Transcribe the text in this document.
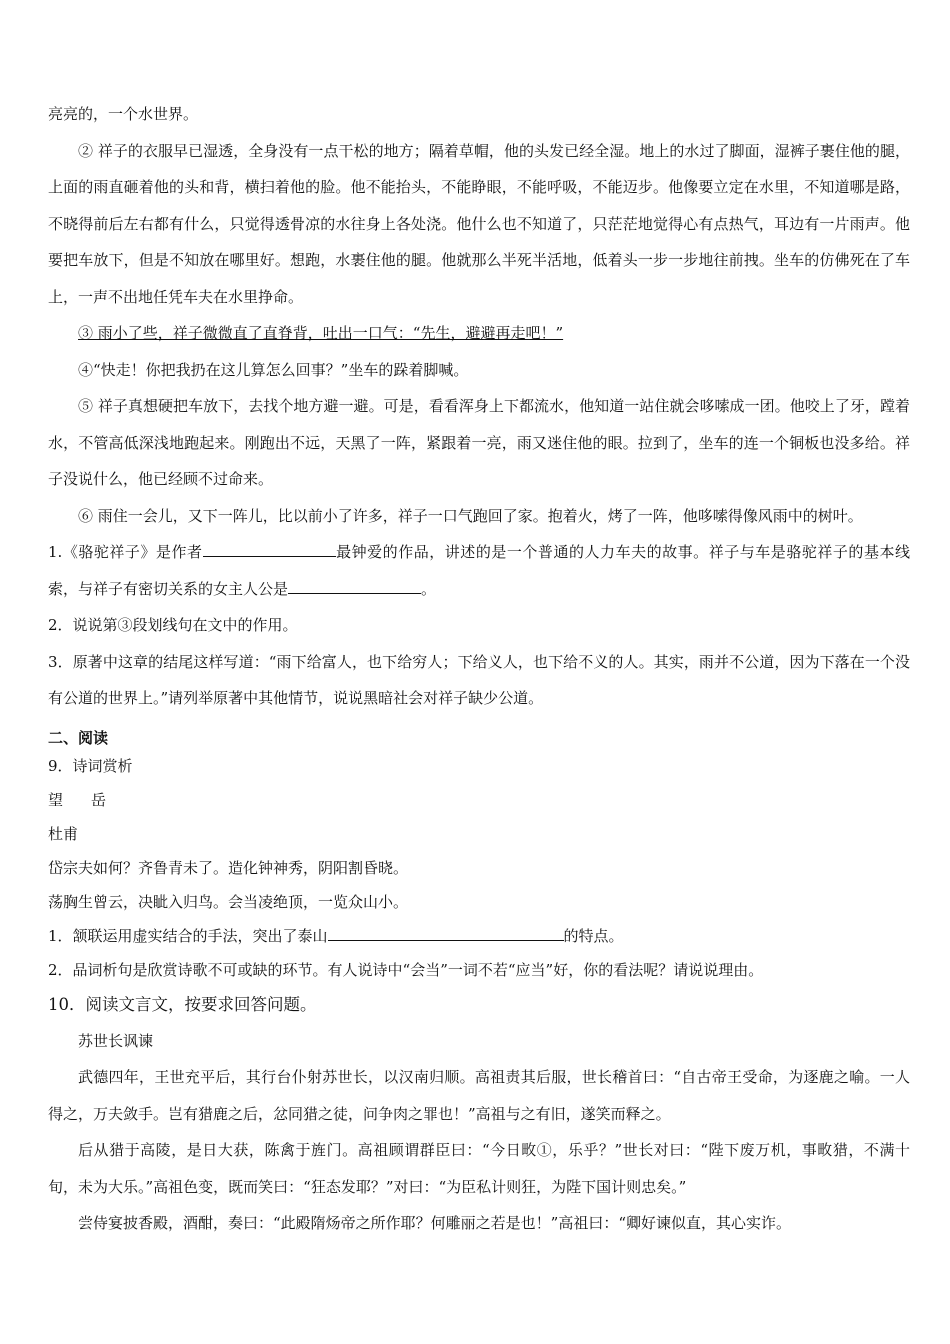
亮亮的，一个水世界。

② 祥子的衣服早已湿透，全身没有一点干松的地方；隔着草帽，他的头发已经全湿。地上的水过了脚面，湿裤子裹住他的腿，上面的雨直砸着他的头和背，横扫着他的脸。他不能抬头，不能睁眼，不能呼吸，不能迈步。他像要立定在水里，不知道哪是路，不晓得前后左右都有什么，只觉得透骨凉的水往身上各处浇。他什么也不知道了，只茫茫地觉得心有点热气，耳边有一片雨声。他要把车放下，但是不知放在哪里好。想跑，水裹住他的腿。他就那么半死半活地，低着头一步一步地往前拽。坐车的仿佛死在了车上，一声不出地任凭车夫在水里挣命。

③ 雨小了些，祥子微微直了直脊背，吐出一口气：“先生，避避再走吧！”

④“快走！你把我扔在这儿算怎么回事？”坐车的跺着脚喊。

⑤ 祥子真想硬把车放下，去找个地方避一避。可是，看看浑身上下都流水，他知道一站住就会哆嗦成一团。他咬上了牙，蹚着水，不管高低深浅地跑起来。刚跑出不远，天黑了一阵，紧跟着一亮，雨又迷住他的眼。拉到了，坐车的连一个铜板也没多给。祥子没说什么，他已经顾不过命来。

⑥ 雨住一会儿，又下一阵儿，比以前小了许多，祥子一口气跑回了家。抱着火，烤了一阵，他哆嗦得像风雨中的树叶。

1.《骆驼祥子》是作者	最钟爱的作品，讲述的是一个普通的人力车夫的故事。祥子与车是骆驼祥子的基本线索，与祥子有密切关系的女主人公是	。

2．说说第③段划线句在文中的作用。

3．原著中这章的结尾这样写道：“雨下给富人，也下给穷人；下给义人，也下给不义的人。其实，雨并不公道，因为下落在一个没有公道的世界上。”请列举原著中其他情节，说说黑暗社会对祥子缺少公道。

二、阅读

9．诗词赏析

望 岳

杜甫

岱宗夫如何？齐鲁青未了。造化钟神秀，阴阳割昏晓。

荡胸生曾云，决眦入归鸟。会当凌绝顶，一览众山小。

1．颔联运用虚实结合的手法，突出了泰山	的特点。

2．品词析句是欣赏诗歌不可或缺的环节。有人说诗中“会当”一词不若“应当”好，你的看法呢？请说说理由。

10．阅读文言文，按要求回答问题。

苏世长讽谏

武德四年，王世充平后，其行台仆射苏世长，以汉南归顺。高祖责其后服，世长稽首曰：“自古帝王受命，为逐鹿之喻。一人得之，万夫敛手。岂有猎鹿之后，忿同猎之徒，问争肉之罪也！”高祖与之有旧，遂笑而释之。

后从猎于高陵，是日大获，陈禽于旌门。高祖顾谓群臣曰：“今日畋①，乐乎？”世长对曰：“陛下废万机，事畋猎，不满十旬，未为大乐。”高祖色变，既而笑曰：“狂态发耶？”对曰：“为臣私计则狂，为陛下国计则忠矣。”

尝侍宴披香殿，酒酣，奏曰：“此殿隋炀帝之所作耶？何雕丽之若是也！”高祖曰：“卿好谏似直，其心实诈。
